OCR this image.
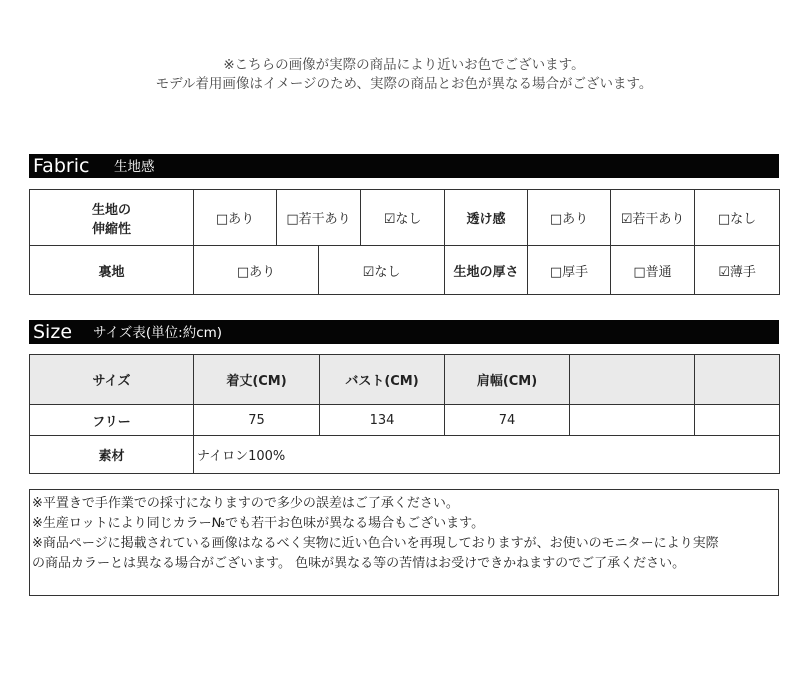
※こちらの画像が実際の商品により近いお色でございます。
モデル着用画像はイメージのため、実際の商品とお色が異なる場合がございます。
Fabric 生地感
生地の
伸縮性	□あり	□若干あり		☑なし	透け感	□あり	☑若干あり	□なし
裏地	□あり		☑なし		生地の厚さ	□厚手	□普通	☑薄手
Size サイズ表(単位:約cm)
サイズ	着丈(CM)	バスト(CM)	肩幅(CM)		
フリー	75	134	74		
素材	ナイロン100%				
※平置きで手作業での採寸になりますので多少の誤差はご了承ください。
※生産ロットにより同じカラー№でも若干お色味が異なる場合もございます。
※商品ページに掲載されている画像はなるべく実物に近い色合いを再現しておりますが、お使いのモニターにより実際
の商品カラーとは異なる場合がございます。 色味が異なる等の苦情はお受けできかねますのでご了承ください。
